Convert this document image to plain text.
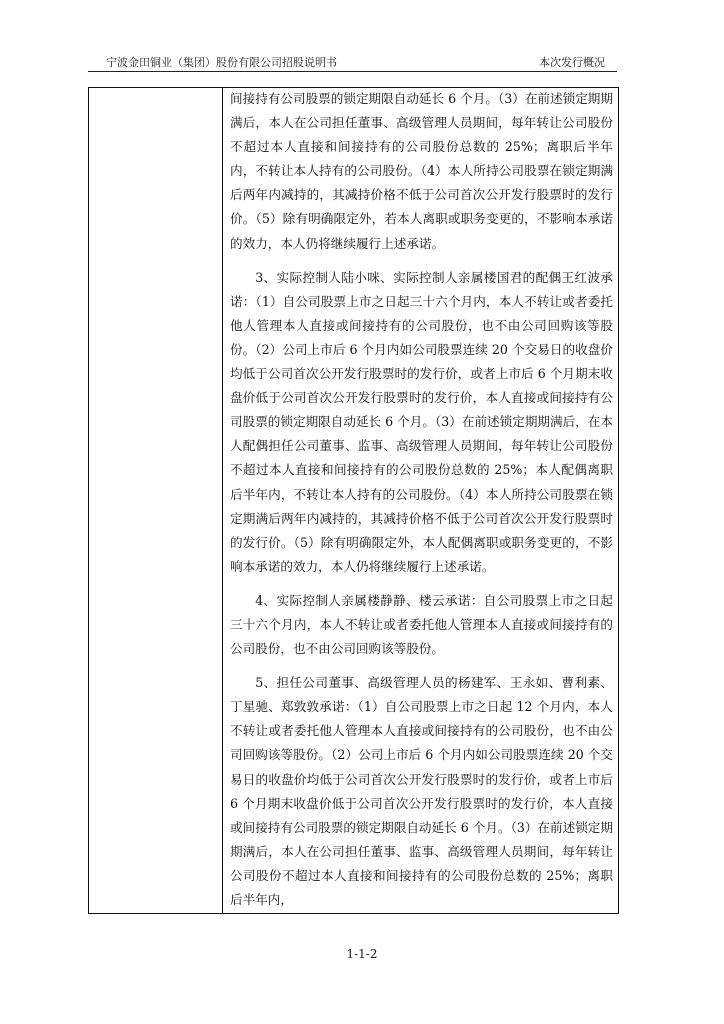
宁波金田铜业（集团）股份有限公司招股说明书	本次发行概况

间接持有公司股票的锁定期限自动延长 6 个月。（3）在前述锁定期期满后，本人在公司担任董事、高级管理人员期间，每年转让公司股份不超过本人直接和间接持有的公司股份总数的 25%；离职后半年内，不转让本人持有的公司股份。（4）本人所持公司股票在锁定期满后两年内减持的，其减持价格不低于公司首次公开发行股票时的发行价。（5）除有明确限定外，若本人离职或职务变更的，不影响本承诺的效力，本人仍将继续履行上述承诺。

3、实际控制人陆小咪、实际控制人亲属楼国君的配偶王红波承诺：（1）自公司股票上市之日起三十六个月内，本人不转让或者委托他人管理本人直接或间接持有的公司股份，也不由公司回购该等股份。（2）公司上市后 6 个月内如公司股票连续 20 个交易日的收盘价均低于公司首次公开发行股票时的发行价，或者上市后 6 个月期末收盘价低于公司首次公开发行股票时的发行价，本人直接或间接持有公司股票的锁定期限自动延长 6 个月。（3）在前述锁定期期满后，在本人配偶担任公司董事、监事、高级管理人员期间，每年转让公司股份不超过本人直接和间接持有的公司股份总数的 25%；本人配偶离职后半年内，不转让本人持有的公司股份。（4）本人所持公司股票在锁定期满后两年内减持的，其减持价格不低于公司首次公开发行股票时的发行价。（5）除有明确限定外，本人配偶离职或职务变更的，不影响本承诺的效力，本人仍将继续履行上述承诺。

4、实际控制人亲属楼静静、楼云承诺：自公司股票上市之日起三十六个月内，本人不转让或者委托他人管理本人直接或间接持有的公司股份，也不由公司回购该等股份。

5、担任公司董事、高级管理人员的杨建军、王永如、曹利素、丁星驰、郑敦敦承诺：（1）自公司股票上市之日起 12 个月内，本人不转让或者委托他人管理本人直接或间接持有的公司股份，也不由公司回购该等股份。（2）公司上市后 6 个月内如公司股票连续 20 个交易日的收盘价均低于公司首次公开发行股票时的发行价，或者上市后 6 个月期末收盘价低于公司首次公开发行股票时的发行价，本人直接或间接持有公司股票的锁定期限自动延长 6 个月。（3）在前述锁定期期满后，本人在公司担任董事、监事、高级管理人员期间，每年转让公司股份不超过本人直接和间接持有的公司股份总数的 25%；离职后半年内，

1-1-2
